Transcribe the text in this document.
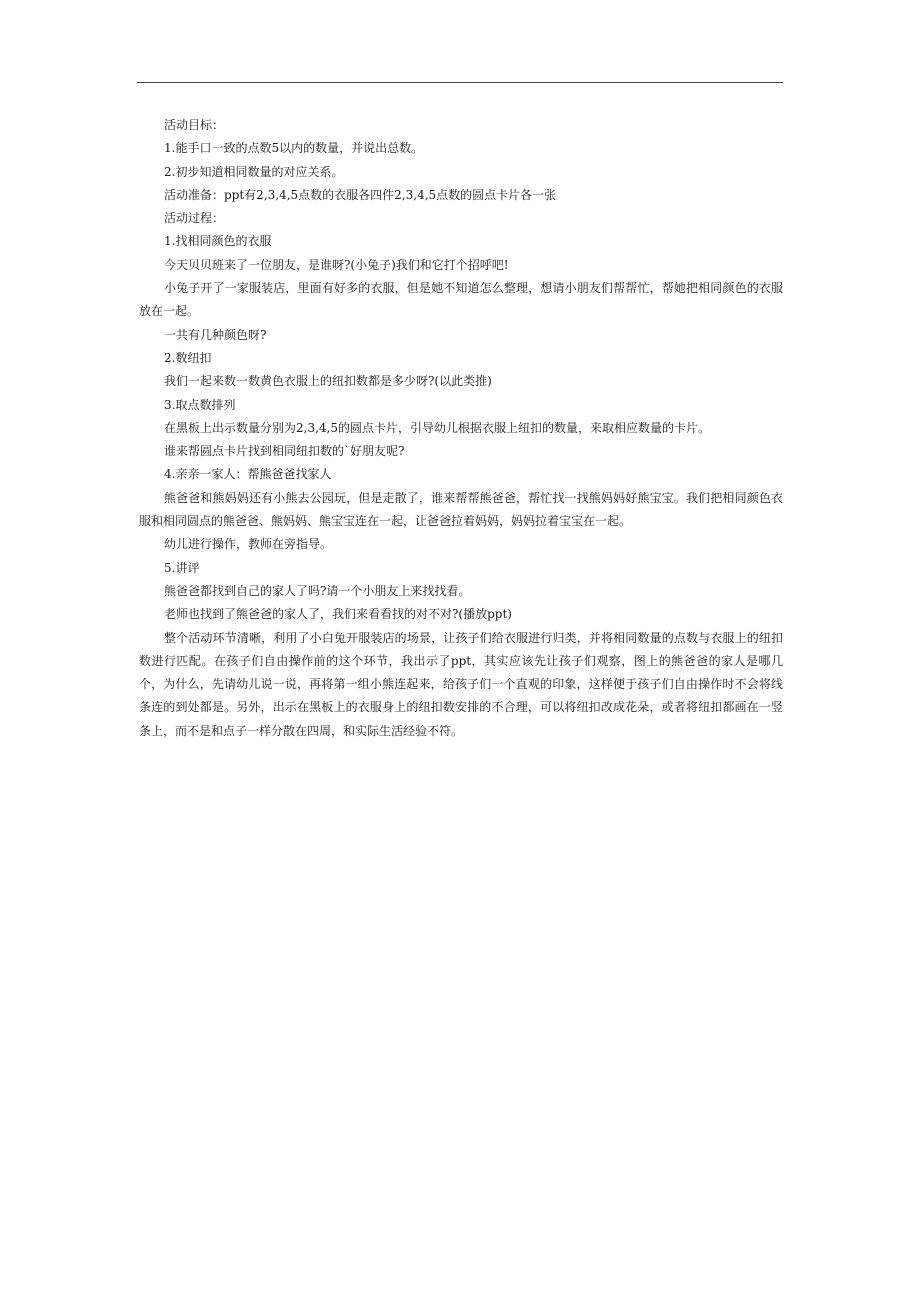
活动目标：

1.能手口一致的点数5以内的数量，并说出总数。

2.初步知道相同数量的对应关系。

活动准备：ppt有2,3,4,5点数的衣服各四件2,3,4,5点数的圆点卡片各一张

活动过程：

1.找相同颜色的衣服

今天贝贝班来了一位朋友，是谁呀?(小兔子)我们和它打个招呼吧!

小兔子开了一家服装店，里面有好多的衣服，但是她不知道怎么整理，想请小朋友们帮帮忙，帮她把相同颜色的衣服放在一起。

一共有几种颜色呀?

2.数纽扣

我们一起来数一数黄色衣服上的纽扣数都是多少呀?(以此类推)

3.取点数排列

在黑板上出示数量分别为2,3,4,5的圆点卡片，引导幼儿根据衣服上纽扣的数量，来取相应数量的卡片。

谁来帮圆点卡片找到相同纽扣数的`好朋友呢?

4.亲亲一家人：帮熊爸爸找家人

熊爸爸和熊妈妈还有小熊去公园玩，但是走散了，谁来帮帮熊爸爸，帮忙找一找熊妈妈好熊宝宝。我们把相同颜色衣服和相同圆点的熊爸爸、熊妈妈、熊宝宝连在一起，让爸爸拉着妈妈，妈妈拉着宝宝在一起。

幼儿进行操作，教师在旁指导。

5.讲评

熊爸爸都找到自己的家人了吗?请一个小朋友上来找找看。

老师也找到了熊爸爸的家人了，我们来看看找的对不对?(播放ppt)

整个活动环节清晰，利用了小白兔开服装店的场景，让孩子们给衣服进行归类，并将相同数量的点数与衣服上的纽扣数进行匹配。在孩子们自由操作前的这个环节，我出示了ppt，其实应该先让孩子们观察，图上的熊爸爸的家人是哪几个，为什么，先请幼儿说一说，再将第一组小熊连起来，给孩子们一个直观的印象，这样便于孩子们自由操作时不会将线条连的到处都是。另外，出示在黑板上的衣服身上的纽扣数安排的不合理，可以将纽扣改成花朵，或者将纽扣都画在一竖条上，而不是和点子一样分散在四周，和实际生活经验不符。
